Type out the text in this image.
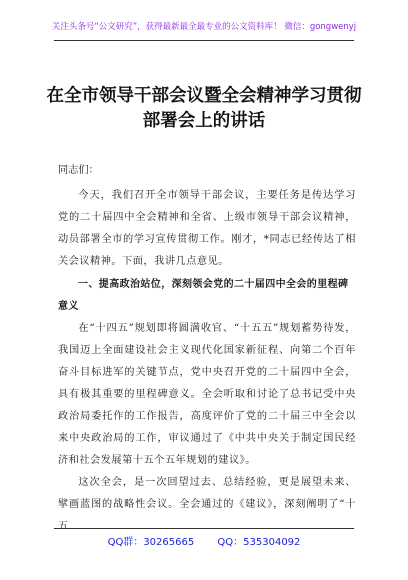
关注头条号“公文研究”，获得最新最全最专业的公文资料库！ 微信：gongwenyj
在全市领导干部会议暨全会精神学习贯彻
部署会上的讲话

同志们：

今天，我们召开全市领导干部会议，主要任务是传达学习党的二十届四中全会精神和全省、上级市领导干部会议精神，动员部署全市的学习宣传贯彻工作。刚才，*同志已经传达了相关会议精神。下面，我讲几点意见。

一、提高政治站位，深刻领会党的二十届四中全会的里程碑意义

在“十四五”规划即将圆满收官、“十五五”规划蓄势待发，我国迈上全面建设社会主义现代化国家新征程、向第二个百年奋斗目标进军的关键节点，党中央召开党的二十届四中全会，具有极其重要的里程碑意义。全会听取和讨论了总书记受中央政治局委托作的工作报告，高度评价了党的二十届三中全会以来中央政治局的工作，审议通过了《中共中央关于制定国民经济和社会发展第十五个五年规划的建议》。

这次全会，是一次回望过去、总结经验，更是展望未来、擘画蓝图的战略性会议。全会通过的《建议》，深刻阐明了“十五

QQ群：30265665 QQ：535304092
